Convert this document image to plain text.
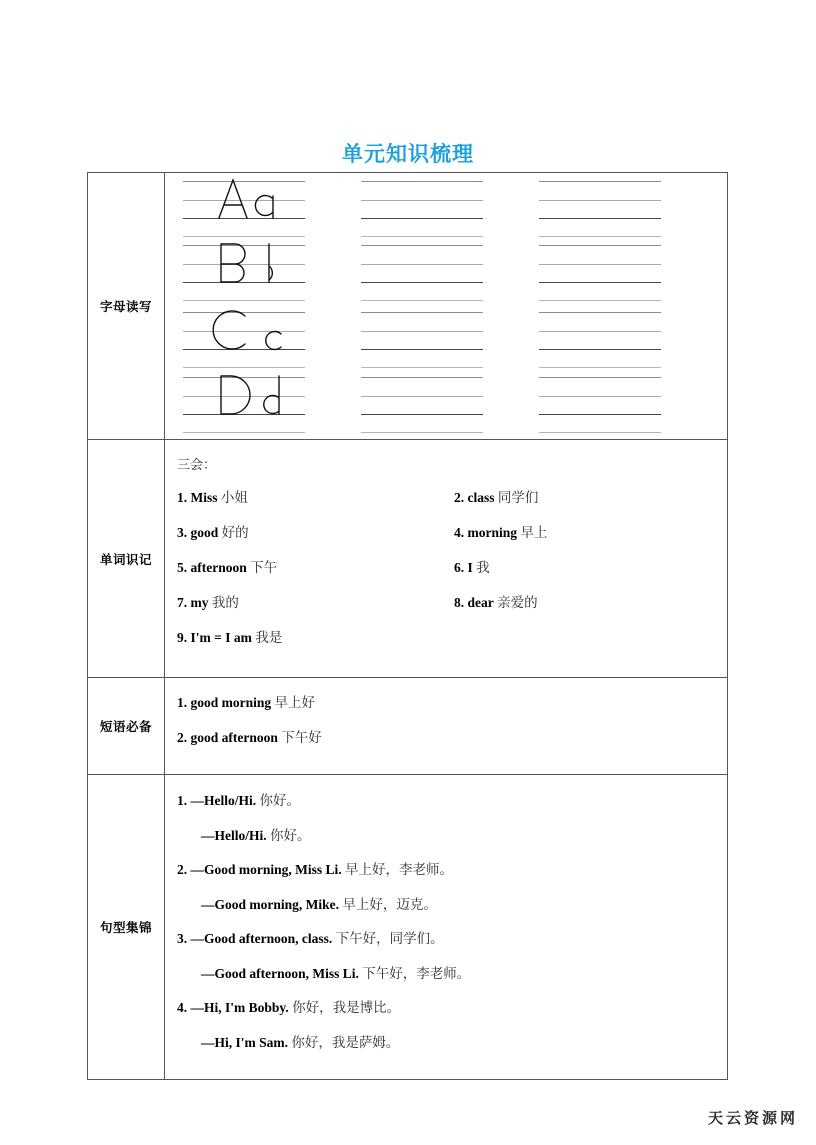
单元知识梳理
字母读写	

单词识记	
三会：
1. Miss 小姐	2. class 同学们
3. good 好的	4. morning 早上
5. afternoon 下午	6. I 我
7. my 我的	8. dear 亲爱的
9. I'm = I am 我是

短语必备	1. good morning 早上好
2. good afternoon 下午好

句型集锦	
1. —Hello/Hi. 你好。
—Hello/Hi. 你好。
2. —Good morning, Miss Li. 早上好，李老师。
—Good morning, Mike. 早上好，迈克。
3. —Good afternoon, class. 下午好，同学们。
—Good afternoon, Miss Li. 下午好，李老师。
4. —Hi, I'm Bobby. 你好，我是博比。
—Hi, I'm Sam. 你好，我是萨姆。
天云资源网
